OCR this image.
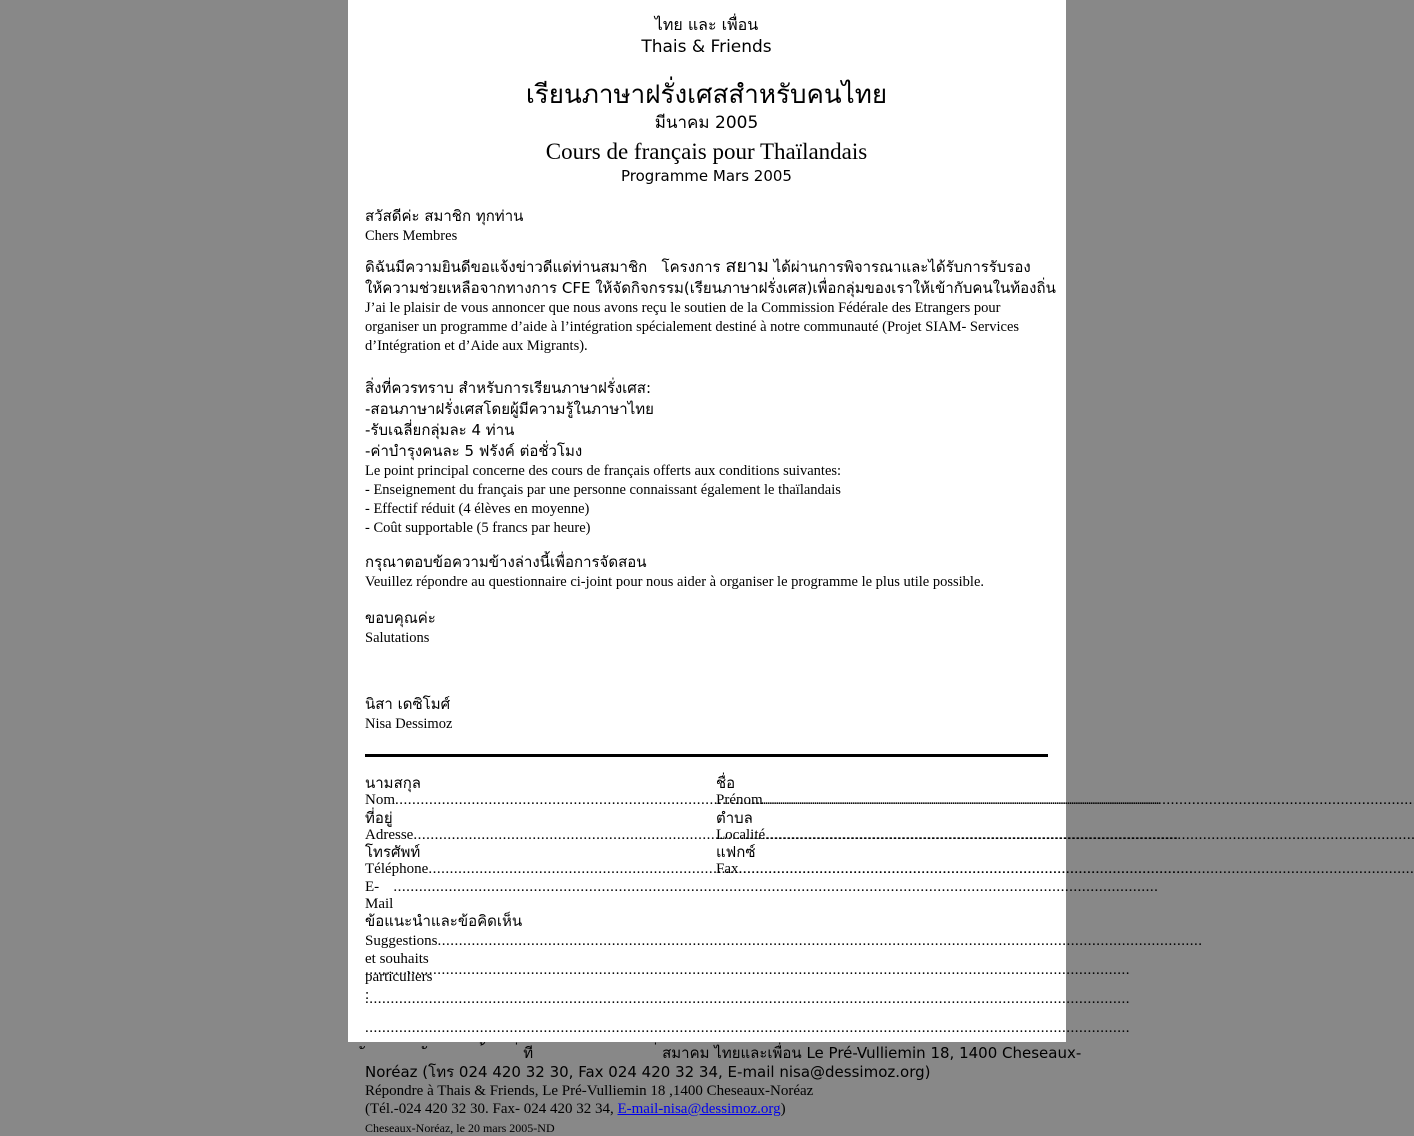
ไทย และ เพื่อน
Thais & Friends
เรียนภาษาฝรั่งเศสสำหรับคนไทย
มีนาคม 2005
Cours de français pour Thaïlandais
Programme Mars 2005
สวัสดีค่ะ สมาชิก ทุกท่าน
Chers Membres
ดิฉันมีความยินดีขอแจ้งข่าวดีแด่ท่านสมาชิก   โครงการ สยาม ได้ผ่านการพิจารณาและได้รับการรับรอง
ให้ความช่วยเหลือจากทางการ CFE ให้จัดกิจกรรม(เรียนภาษาฝรั่งเศส)เพื่อกลุ่มของเราให้เข้ากับคนในท้องถิ่น
J’ai le plaisir de vous annoncer que nous avons reçu le soutien de la Commission Fédérale des Etrangers pour
organiser un programme d’aide à l’intégration spécialement destiné à notre communauté (Projet SIAM- Services
d’Intégration et d’Aide aux Migrants).
สิ่งที่ควรทราบ สำหรับการเรียนภาษาฝรั่งเศส:
-สอนภาษาฝรั่งเศสโดยผู้มีความรู้ในภาษาไทย
-รับเฉลี่ยกลุ่มละ 4 ท่าน
-ค่าบำรุงคนละ 5 ฟรังค์ ต่อชั่วโมง
Le point principal concerne des cours de français offerts aux conditions suivantes:
- Enseignement du français par une personne connaissant également le thaïlandais
- Effectif réduit (4 élèves en moyenne)
- Coût supportable (5 francs par heure)
กรุณาตอบข้อความข้างล่างนี้เพื่อการจัดสอน
Veuillez répondre au questionnaire ci-joint pour nous aider à organiser le programme le plus utile possible.
ขอบคุณค่ะ
Salutations
นิสา เดซิโมศ์
Nisa Dessimoz
นามสกุล
Nom
.....
ที่อยู่
Adresse
.....
โทรศัพท์
Téléphone
.....
E-Mail
.....
ชื่อ
Prénom
.....
ตำบล
Localité
.....
แฟกซ์
Fax
.....
ข้อแนะนำและข้อคิดเห็น
Suggestions et souhaits particuliers :
.....
.....
.....
.....
ั             ั            ้       ่ ที                          ่ สมาคม ไทยและเพื่อน Le Pré-Vulliemin 18, 1400 Cheseaux-
Noréaz (โทร 024 420 32 30, Fax 024 420 32 34, E-mail nisa@dessimoz.org)
Répondre à Thais & Friends, Le Pré-Vulliemin 18 ,1400 Cheseaux-Noréaz
(Tél.-024 420 32 30. Fax- 024 420 32 34, E-mail-nisa@dessimoz.org)
Cheseaux-Noréaz, le 20 mars 2005-ND
